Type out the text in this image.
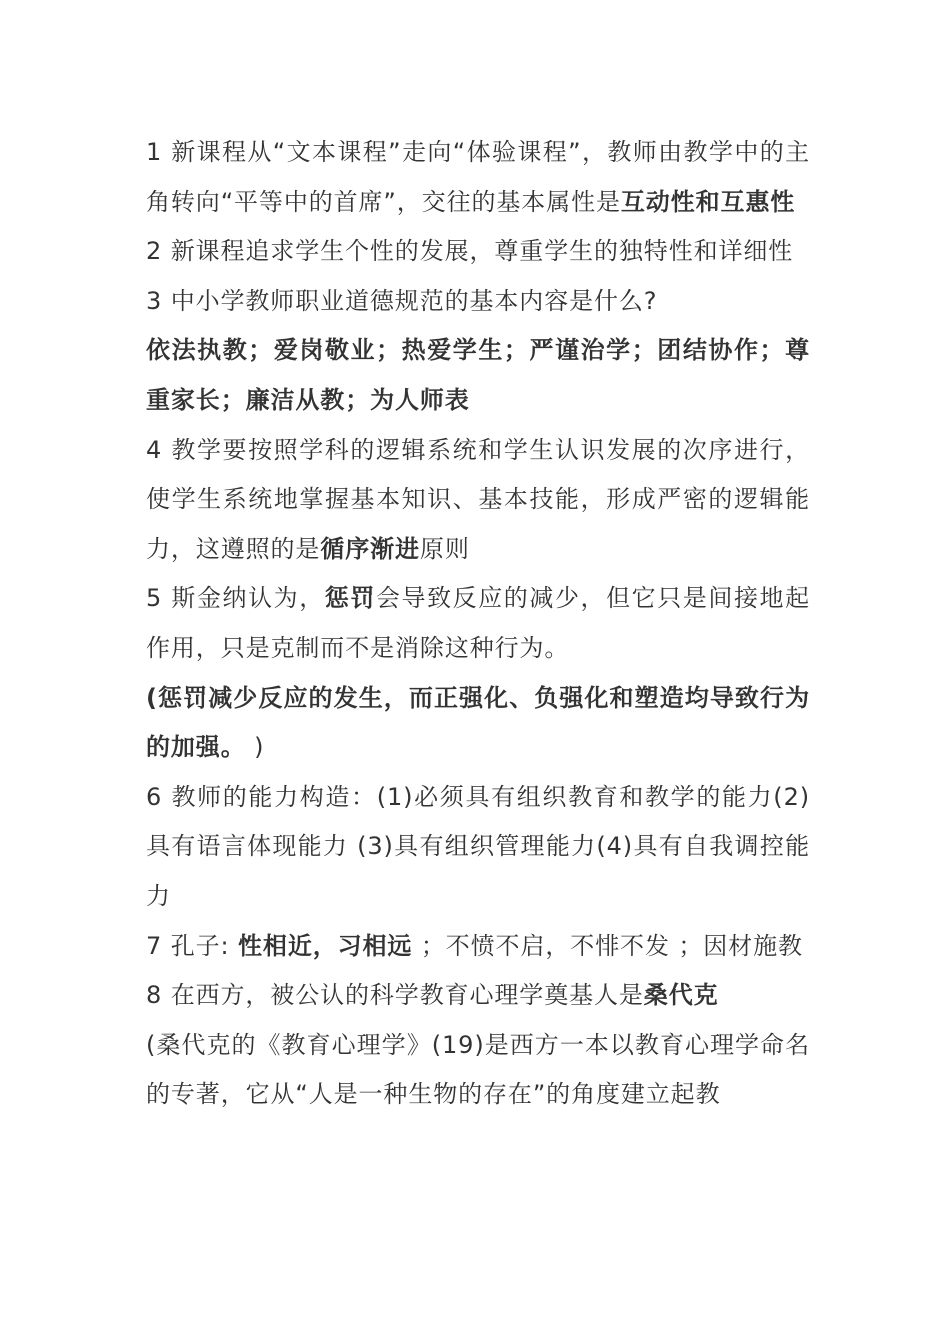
1 新课程从“文本课程”走向“体验课程”，教师由教学中的主角转向“平等中的首席”，交往的基本属性是互动性和互惠性

2 新课程追求学生个性的发展，尊重学生的独特性和详细性

3 中小学教师职业道德规范的基本内容是什么?

依法执教；爱岗敬业；热爱学生；严谨治学；团结协作；尊重家长；廉洁从教；为人师表

4 教学要按照学科的逻辑系统和学生认识发展的次序进行，使学生系统地掌握基本知识、基本技能，形成严密的逻辑能力，这遵照的是循序渐进原则

5 斯金纳认为，惩罚会导致反应的减少，但它只是间接地起作用，只是克制而不是消除这种行为。

(惩罚减少反应的发生，而正强化、负强化和塑造均导致行为的加强。 )

6 教师的能力构造：(1)必须具有组织教育和教学的能力(2)具有语言体现能力 (3)具有组织管理能力(4)具有自我调控能力

7 孔子: 性相近，习相远 ；不愤不启，不悱不发 ；因材施教

8 在西方，被公认的科学教育心理学奠基人是桑代克

(桑代克的《教育心理学》(19)是西方一本以教育心理学命名的专著，它从“人是一种生物的存在”的角度建立起教
